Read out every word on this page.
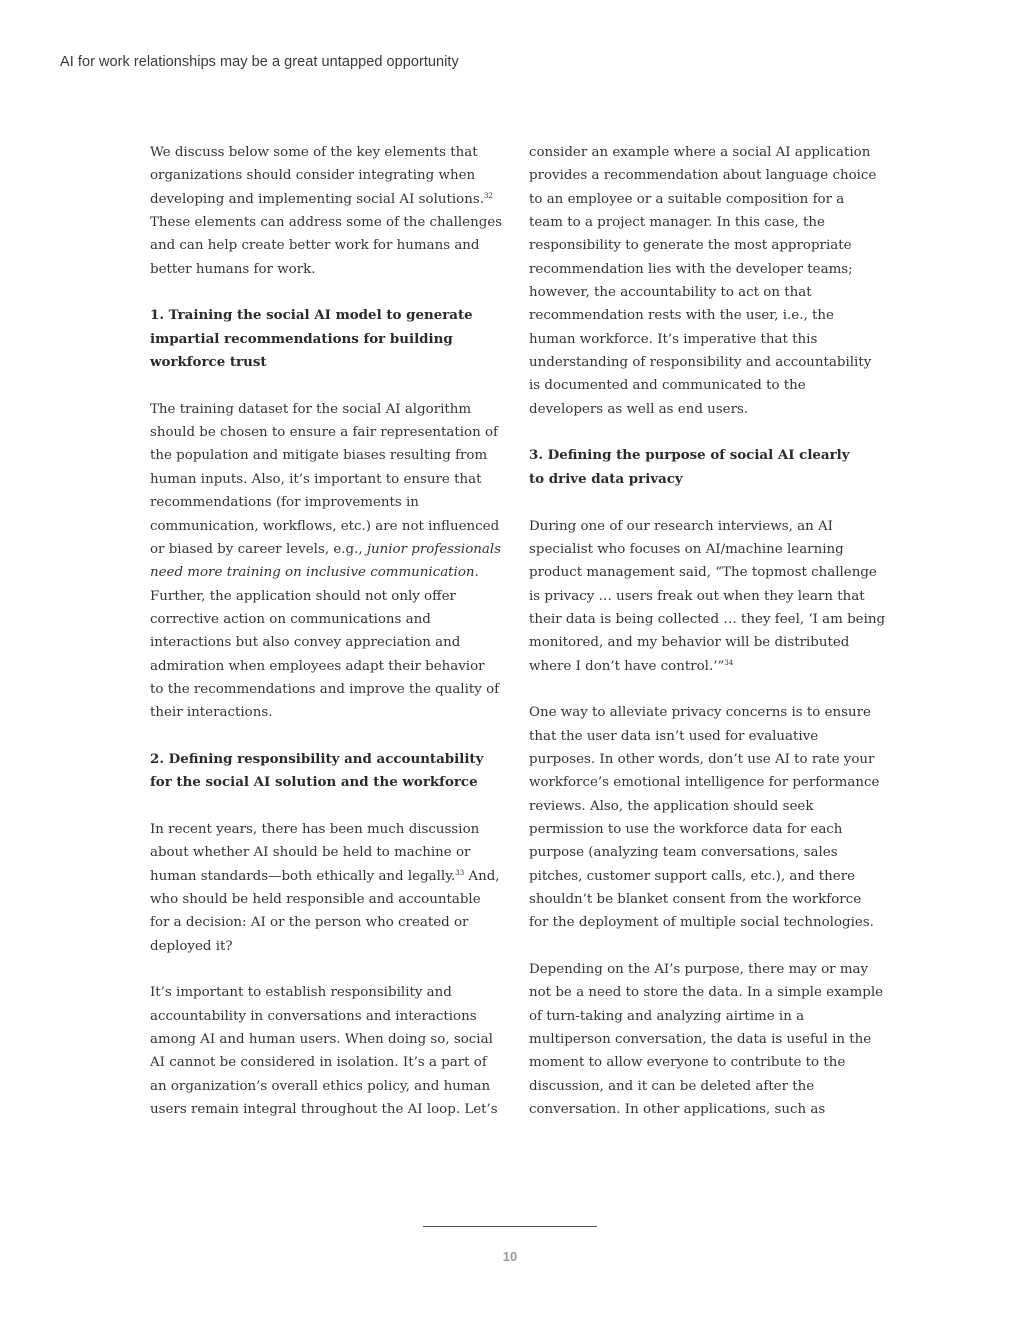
AI for work relationships may be a great untapped opportunity

We discuss below some of the key elements that
organizations should consider integrating when
developing and implementing social AI solutions.$^{32}$
These elements can address some of the challenges
and can help create better work for humans and
better humans for work.

1. Training the social AI model to generate
impartial recommendations for building
workforce trust

The training dataset for the social AI algorithm
should be chosen to ensure a fair representation of
the population and mitigate biases resulting from
human inputs. Also, it’s important to ensure that
recommendations (for improvements in
communication, workflows, etc.) are not influenced
or biased by career levels, e.g., junior professionals
need more training on inclusive communication.
Further, the application should not only offer
corrective action on communications and
interactions but also convey appreciation and
admiration when employees adapt their behavior
to the recommendations and improve the quality of
their interactions.

2. Defining responsibility and accountability
for the social AI solution and the workforce

In recent years, there has been much discussion
about whether AI should be held to machine or
human standards—both ethically and legally.$^{33}$ And,
who should be held responsible and accountable
for a decision: AI or the person who created or
deployed it?

It’s important to establish responsibility and
accountability in conversations and interactions
among AI and human users. When doing so, social
AI cannot be considered in isolation. It’s a part of
an organization’s overall ethics policy, and human
users remain integral throughout the AI loop. Let’s

consider an example where a social AI application
provides a recommendation about language choice
to an employee or a suitable composition for a
team to a project manager. In this case, the
responsibility to generate the most appropriate
recommendation lies with the developer teams;
however, the accountability to act on that
recommendation rests with the user, i.e., the
human workforce. It’s imperative that this
understanding of responsibility and accountability
is documented and communicated to the
developers as well as end users.

3. Defining the purpose of social AI clearly
to drive data privacy

During one of our research interviews, an AI
specialist who focuses on AI/machine learning
product management said, “The topmost challenge
is privacy … users freak out when they learn that
their data is being collected … they feel, ‘I am being
monitored, and my behavior will be distributed
where I don’t have control.’”$^{34}$

One way to alleviate privacy concerns is to ensure
that the user data isn’t used for evaluative
purposes. In other words, don’t use AI to rate your
workforce’s emotional intelligence for performance
reviews. Also, the application should seek
permission to use the workforce data for each
purpose (analyzing team conversations, sales
pitches, customer support calls, etc.), and there
shouldn’t be blanket consent from the workforce
for the deployment of multiple social technologies.

Depending on the AI’s purpose, there may or may
not be a need to store the data. In a simple example
of turn-taking and analyzing airtime in a
multiperson conversation, the data is useful in the
moment to allow everyone to contribute to the
discussion, and it can be deleted after the
conversation. In other applications, such as

10
